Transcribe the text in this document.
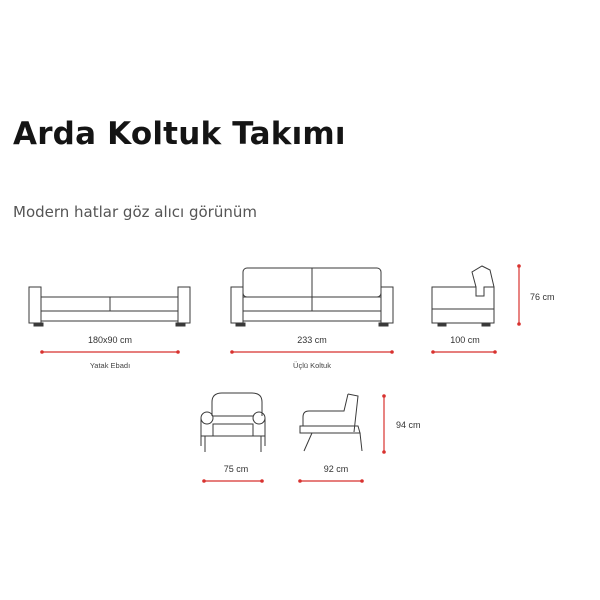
Arda Koltuk Takımı

Modern hatlar göz alıcı görünüm

180x90 cm
Yatak Ebadı
233 cm
Üçlü Koltuk
100 cm
76 cm
75 cm	92 cm
94 cm
